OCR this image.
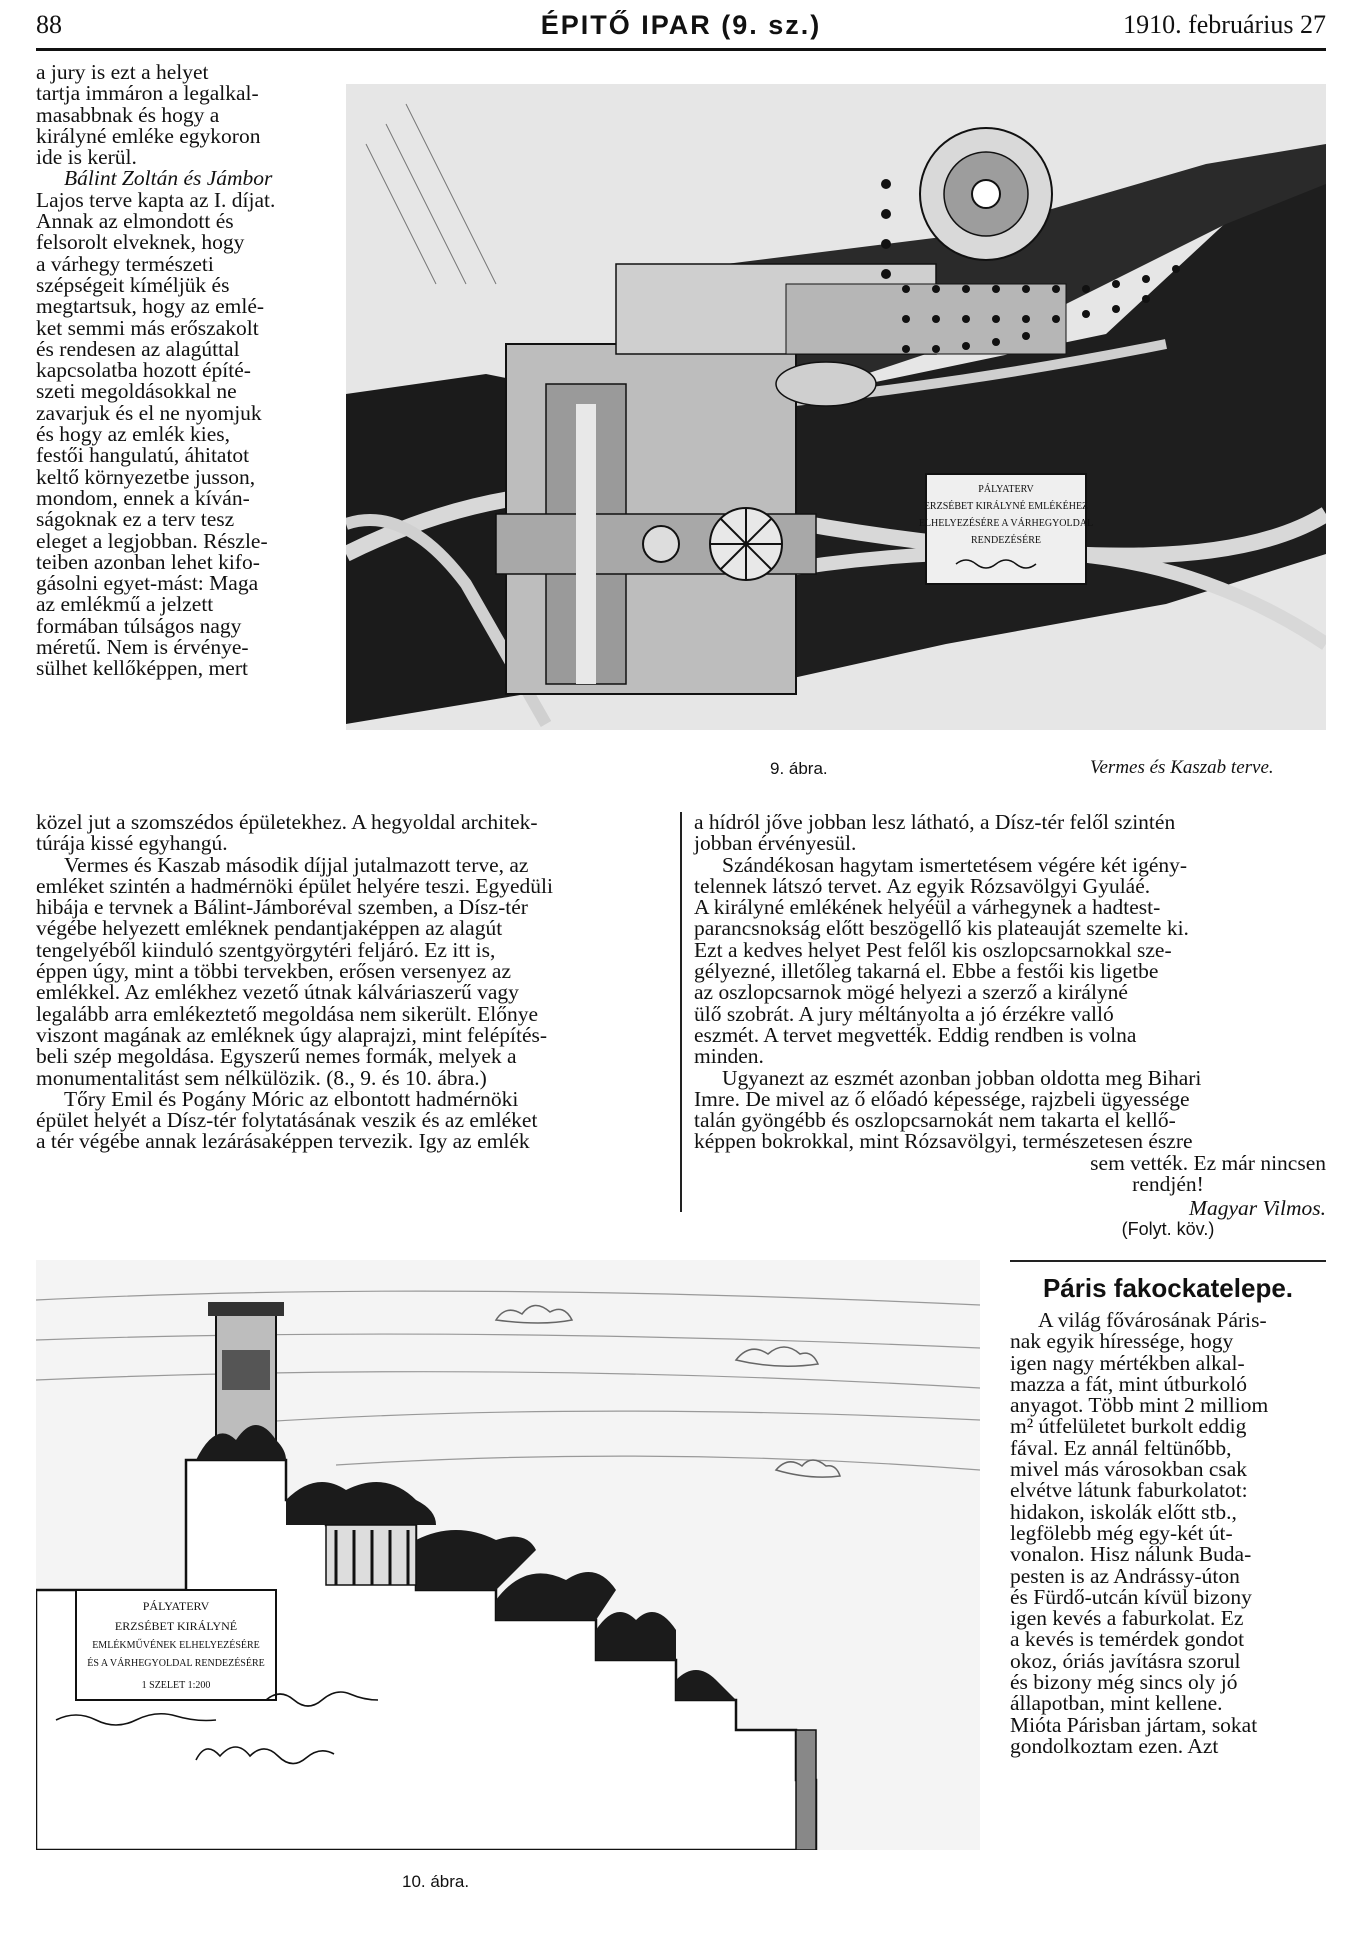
88	ÉPITŐ IPAR (9. sz.)	1910. februárius 27

a jury is ezt a helyet

tartja immáron a legalkal-

masabbnak és hogy a

királyné emléke egykoron

ide is kerül.

Bálint Zoltán és Jámbor

Lajos terve kapta az I. díjat.

Annak az elmondott és

felsorolt elveknek, hogy

a várhegy természeti

szépségeit kíméljük és

megtartsuk, hogy az emlé-

ket semmi más erőszakolt

és rendesen az alagúttal

kapcsolatba hozott építé-

szeti megoldásokkal ne

zavarjuk és el ne nyomjuk

és hogy az emlék kies,

festői hangulatú, áhitatot

keltő környezetbe jusson,

mondom, ennek a kíván-

ságoknak ez a terv tesz

eleget a legjobban. Részle-

teiben azonban lehet kifo-

gásolni egyet-mást: Maga

az emlékmű a jelzett

formában túlságos nagy

méretű. Nem is érvénye-

sülhet kellőképpen, mert

PÁLYATERV
ERZSÉBET KIRÁLYNÉ EMLÉKÉHEZ
ELHELYEZÉSÉRE A VÁRHEGYOLDAL
RENDEZÉSÉRE
9. ábra.	Vermes és Kaszab terve.

közel jut a szomszédos épületekhez. A hegyoldal architek-

túrája kissé egyhangú.

Vermes és Kaszab második díjjal jutalmazott terve, az

emléket szintén a hadmérnöki épület helyére teszi. Egyedüli

hibája e tervnek a Bálint-Jámboréval szemben, a Dísz-tér

végébe helyezett emléknek pendantjaképpen az alagút

tengelyéből kiinduló szentgyörgytéri feljáró. Ez itt is,

éppen úgy, mint a többi tervekben, erősen versenyez az

emlékkel. Az emlékhez vezető útnak kálváriaszerű vagy

legalább arra emlékeztető megoldása nem sikerült. Előnye

viszont magának az emléknek úgy alaprajzi, mint felépítés-

beli szép megoldása. Egyszerű nemes formák, melyek a

monumentalitást sem nélkülözik. (8., 9. és 10. ábra.)

Tőry Emil és Pogány Móric az elbontott hadmérnöki

épület helyét a Dísz-tér folytatásának veszik és az emléket

a tér végébe annak lezárásaképpen tervezik. Igy az emlék

a hídról jőve jobban lesz látható, a Dísz-tér felől szintén

jobban érvényesül.

Szándékosan hagytam ismertetésem végére két igény-

telennek látszó tervet. Az egyik Rózsavölgyi Gyuláé.

A királyné emlékének helyéül a várhegynek a hadtest-

parancsnokság előtt beszögellő kis plateauját szemelte ki.

Ezt a kedves helyet Pest felől kis oszlopcsarnokkal sze-

gélyezné, illetőleg takarná el. Ebbe a festői kis ligetbe

az oszlopcsarnok mögé helyezi a szerző a királyné

ülő szobrát. A jury méltányolta a jó érzékre valló

eszmét. A tervet megvették. Eddig rendben is volna

minden.

Ugyanezt az eszmét azonban jobban oldotta meg Bihari

Imre. De mivel az ő előadó képessége, rajzbeli ügyessége

talán gyöngébb és oszlopcsarnokát nem takarta el kellő-

képpen bokrokkal, mint Rózsavölgyi, természetesen észre

sem vették. Ez már nincsen

rendjén!

Magyar Vilmos.

(Folyt. köv.)

PÁLYATERV
ERZSÉBET KIRÁLYNÉ
EMLÉKMŰVÉNEK ELHELYEZÉSÉRE
ÉS A VÁRHEGYOLDAL RENDEZÉSÉRE
1 SZELET 1:200
10. ábra.
Páris fakockatelepe.

A világ fővárosának Páris-

nak egyik híressége, hogy

igen nagy mértékben alkal-

mazza a fát, mint útburkoló

anyagot. Több mint 2 milliom

m² útfelületet burkolt eddig

fával. Ez annál feltünőbb,

mivel más városokban csak

elvétve látunk faburkolatot:

hidakon, iskolák előtt stb.,

legfölebb még egy-két út-

vonalon. Hisz nálunk Buda-

pesten is az Andrássy-úton

és Fürdő-utcán kívül bizony

igen kevés a faburkolat. Ez

a kevés is temérdek gondot

okoz, óriás javításra szorul

és bizony még sincs oly jó

állapotban, mint kellene.

Mióta Párisban jártam, sokat

gondolkoztam ezen. Azt
